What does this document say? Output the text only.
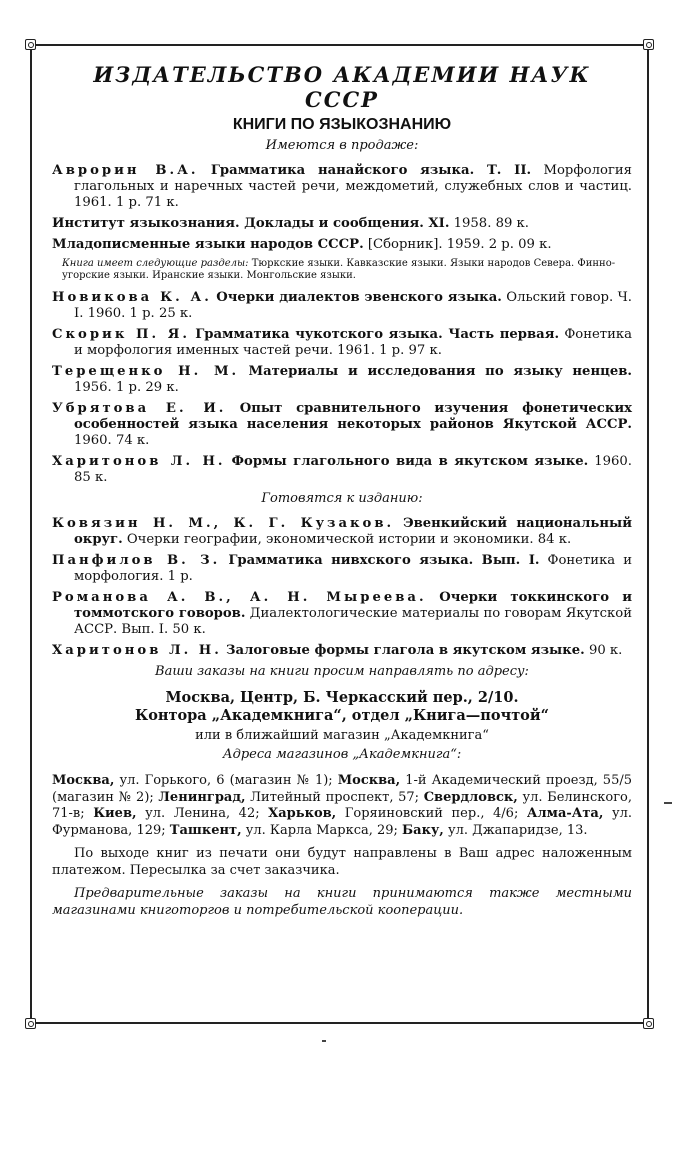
ИЗДАТЕЛЬСТВО АКАДЕМИИ НАУК СССР
КНИГИ ПО ЯЗЫКОЗНАНИЮ
Имеются в продаже:

Аврорин В.А. Грамматика нанайского языка. Т. II. Морфология глагольных и наречных частей речи, междометий, служебных слов и частиц. 1961. 1 р. 71 к.

Институт языкознания. Доклады и сообщения. XI. 1958. 89 к.

Младописменные языки народов СССР. [Сборник]. 1959. 2 р. 09 к.

Книга имеет следующие разделы: Тюркские языки. Кавказские языки. Языки народов Севера. Финно-угорские языки. Иранские языки. Монгольские языки.

Новикова К. А. Очерки диалектов эвенского языка. Ольский говор. Ч. I. 1960. 1 р. 25 к.

Скорик П. Я. Грамматика чукотского языка. Часть первая. Фонетика и морфология именных частей речи. 1961. 1 р. 97 к.

Терещенко Н. М. Материалы и исследования по языку ненцев. 1956. 1 р. 29 к.

Убрятова Е. И. Опыт сравнительного изучения фонетических особенностей языка населения некоторых районов Якутской АССР. 1960. 74 к.

Харитонов Л. Н. Формы глагольного вида в якутском языке. 1960. 85 к.

Готовятся к изданию:

Ковязин Н. М., К. Г. Кузаков. Эвенкийский национальный округ. Очерки географии, экономической истории и экономики. 84 к.

Панфилов В. З. Грамматика нивхского языка. Вып. I. Фонетика и морфология. 1 р.

Романова А. В., А. Н. Мыреева. Очерки токкинского и томмотского говоров. Диалектологические материалы по говорам Якутской АССР. Вып. I. 50 к.

Харитонов Л. Н. Залоговые формы глагола в якутском языке. 90 к.

Ваши заказы на книги просим направлять по адресу:

Москва, Центр, Б. Черкасский пер., 2/10.

Контора „Академкнига“, отдел „Книга—почтой“

или в ближайший магазин „Академкнига“

Адреса магазинов „Академкнига“:

Москва, ул. Горького, 6 (магазин № 1); Москва, 1-й Академический проезд, 55/5 (магазин № 2); Ленинград, Литейный проспект, 57; Свердловск, ул. Белинского, 71-в; Киев, ул. Ленина, 42; Харьков, Горяиновский пер., 4/6; Алма-Ата, ул. Фурманова, 129; Ташкент, ул. Карла Маркса, 29; Баку, ул. Джапаридзе, 13.

По выходе книг из печати они будут направлены в Ваш адрес наложенным платежом. Пересылка за счет заказчика.

Предварительные заказы на книги принимаются также местными магазинами книготоргов и потребительской кооперации.
